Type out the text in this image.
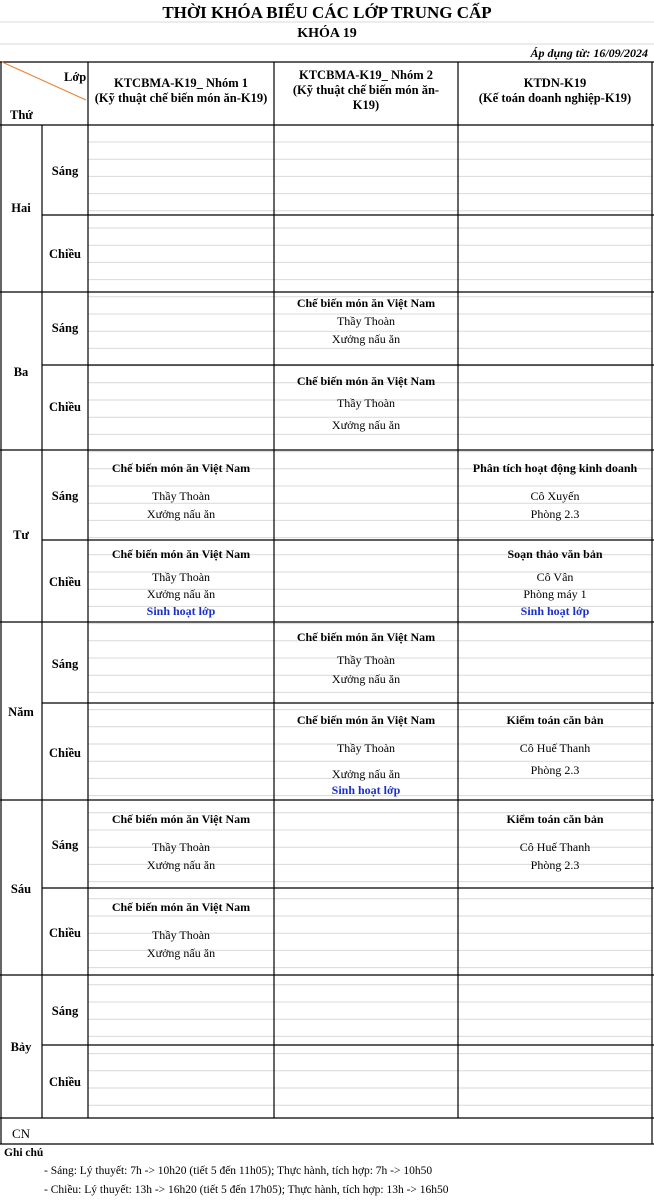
THỜI KHÓA BIỂU CÁC LỚP TRUNG CẤP
KHÓA 19
Áp dụng từ: 16/09/2024
Lớp
Thứ
KTCBMA-K19_ Nhóm 1
(Kỹ thuật chế biến món ăn-K19)
KTCBMA-K19_ Nhóm 2
(Kỹ thuật chế biến món ăn-
K19)
KTDN-K19
(Kế toán doanh nghiệp-K19)
Hai
Ba
Tư
Năm
Sáu
Bảy
Sáng
Chiều
Sáng
Chiều
Sáng
Chiều
Sáng
Chiều
Sáng
Chiều
Sáng
Chiều
Chế biến món ăn Việt Nam
Thầy Thoàn
Xưởng nấu ăn
Chế biến món ăn Việt Nam
Thầy Thoàn
Xưởng nấu ăn
Chế biến món ăn Việt Nam
Thầy Thoàn
Xưởng nấu ăn
Phân tích hoạt động kinh doanh
Cô Xuyến
Phòng 2.3
Chế biến món ăn Việt Nam
Thầy Thoàn
Xưởng nấu ăn
Sinh hoạt lớp
Soạn thảo văn bản
Cô Vân
Phòng máy 1
Sinh hoạt lớp
Chế biến món ăn Việt Nam
Thầy Thoàn
Xưởng nấu ăn
Chế biến món ăn Việt Nam
Thầy Thoàn
Xưởng nấu ăn
Sinh hoạt lớp
Kiểm toán căn bản
Cô Huế Thanh
Phòng 2.3
Chế biến món ăn Việt Nam
Thầy Thoàn
Xưởng nấu ăn
Kiểm toán căn bản
Cô Huế Thanh
Phòng 2.3
Chế biến món ăn Việt Nam
Thầy Thoàn
Xưởng nấu ăn
CN
Ghi chú
- Sáng: Lý thuyết: 7h -> 10h20 (tiết 5 đến 11h05); Thực hành, tích hợp: 7h -> 10h50
- Chiều: Lý thuyết: 13h -> 16h20 (tiết 5 đến 17h05); Thực hành, tích hợp: 13h -> 16h50
